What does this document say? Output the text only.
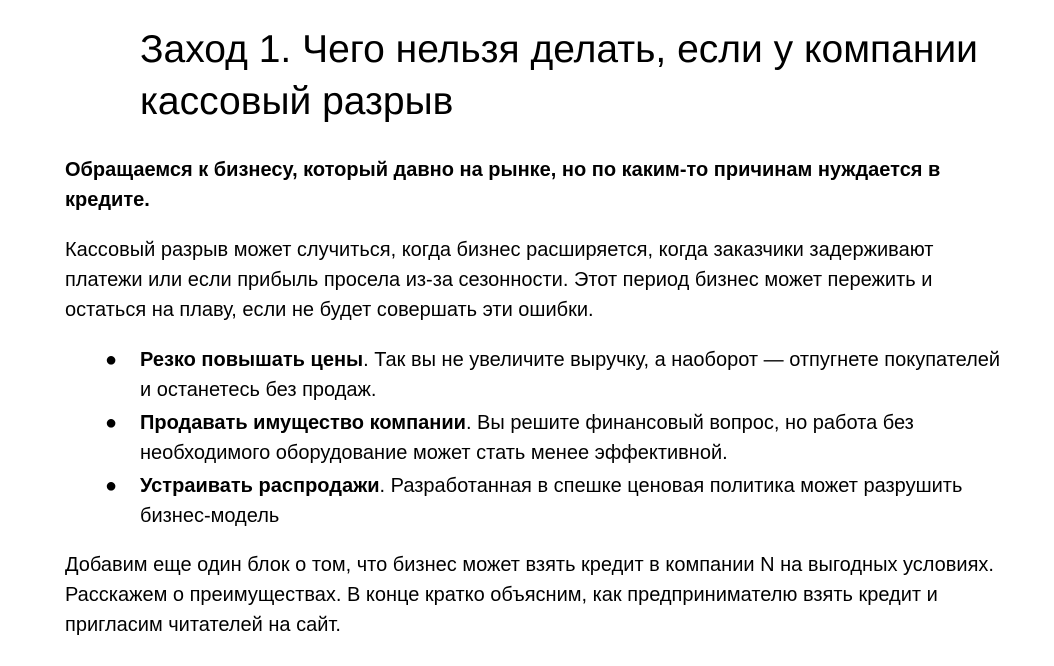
Заход 1. Чего нельзя делать, если у компании кассовый разрыв

Обращаемся к бизнесу, который давно на рынке, но по каким-то причинам нуждается в кредите.

Кассовый разрыв может случиться, когда бизнес расширяется, когда заказчики задерживают платежи или если прибыль просела из-за сезонности. Этот период бизнес может пережить и остаться на плаву, если не будет совершать эти ошибки.

● Резко повышать цены. Так вы не увеличите выручку, а наоборот — отпугнете покупателей и останетесь без продаж.
● Продавать имущество компании. Вы решите финансовый вопрос, но работа без необходимого оборудование может стать менее эффективной.
● Устраивать распродажи. Разработанная в спешке ценовая политика может разрушить бизнес-модель

Добавим еще один блок о том, что бизнес может взять кредит в компании N на выгодных условиях. Расскажем о преимуществах. В конце кратко объясним, как предпринимателю взять кредит и пригласим читателей на сайт.
